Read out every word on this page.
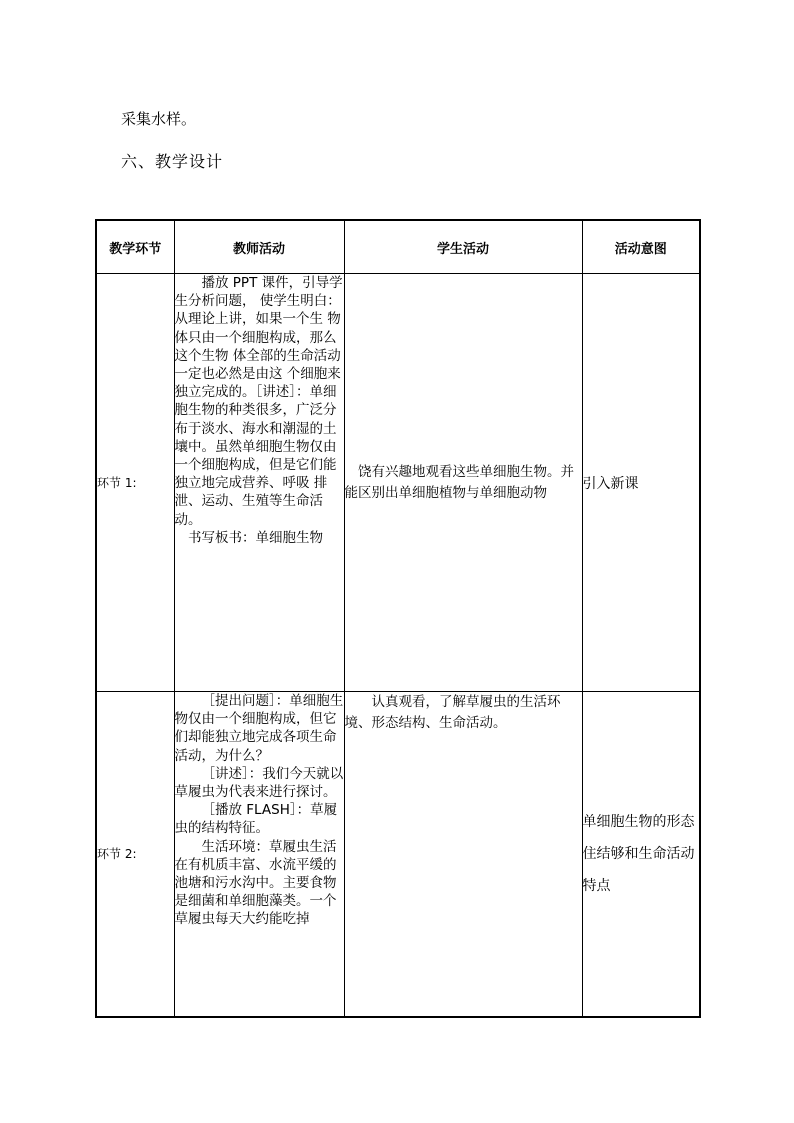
采集水样。
六、教学设计
教学环节	教师活动	学生活动	活动意图
环节 1:	播放 PPT 课件，引导学生分析问题， 使学生明白：从理论上讲，如果一个生 物体只由一个细胞构成，那么这个生物 体全部的生命活动一定也必然是由这 个细胞来独立完成的。［讲述］：单细胞生物的种类很多，广泛分布于淡水、海水和潮湿的土壤中。虽然单细胞生物仅由一个细胞构成，但是它们能独立地完成营养、呼吸 排泄、运动、生殖等生命活动。

书写板书：单细胞生物	饶有兴趣地观看这些单细胞生物。并能区别出单细胞植物与单细胞动物	引入新课
环节 2:	［提出问题］：单细胞生物仅由一个细胞构成，但它们却能独立地完成各项生命活动，为什么？

［讲述］：我们今天就以草履虫为代表来进行探讨。

［播放 FLASH］：草履虫的结构特征。

生活环境：草履虫生活在有机质丰富、水流平缓的池塘和污水沟中。主要食物是细菌和单细胞藻类。一个草履虫每天大约能吃掉	认真观看，了解草履虫的生活环境、形态结构、生命活动。	单细胞生物的形态住结够和生命活动特点
